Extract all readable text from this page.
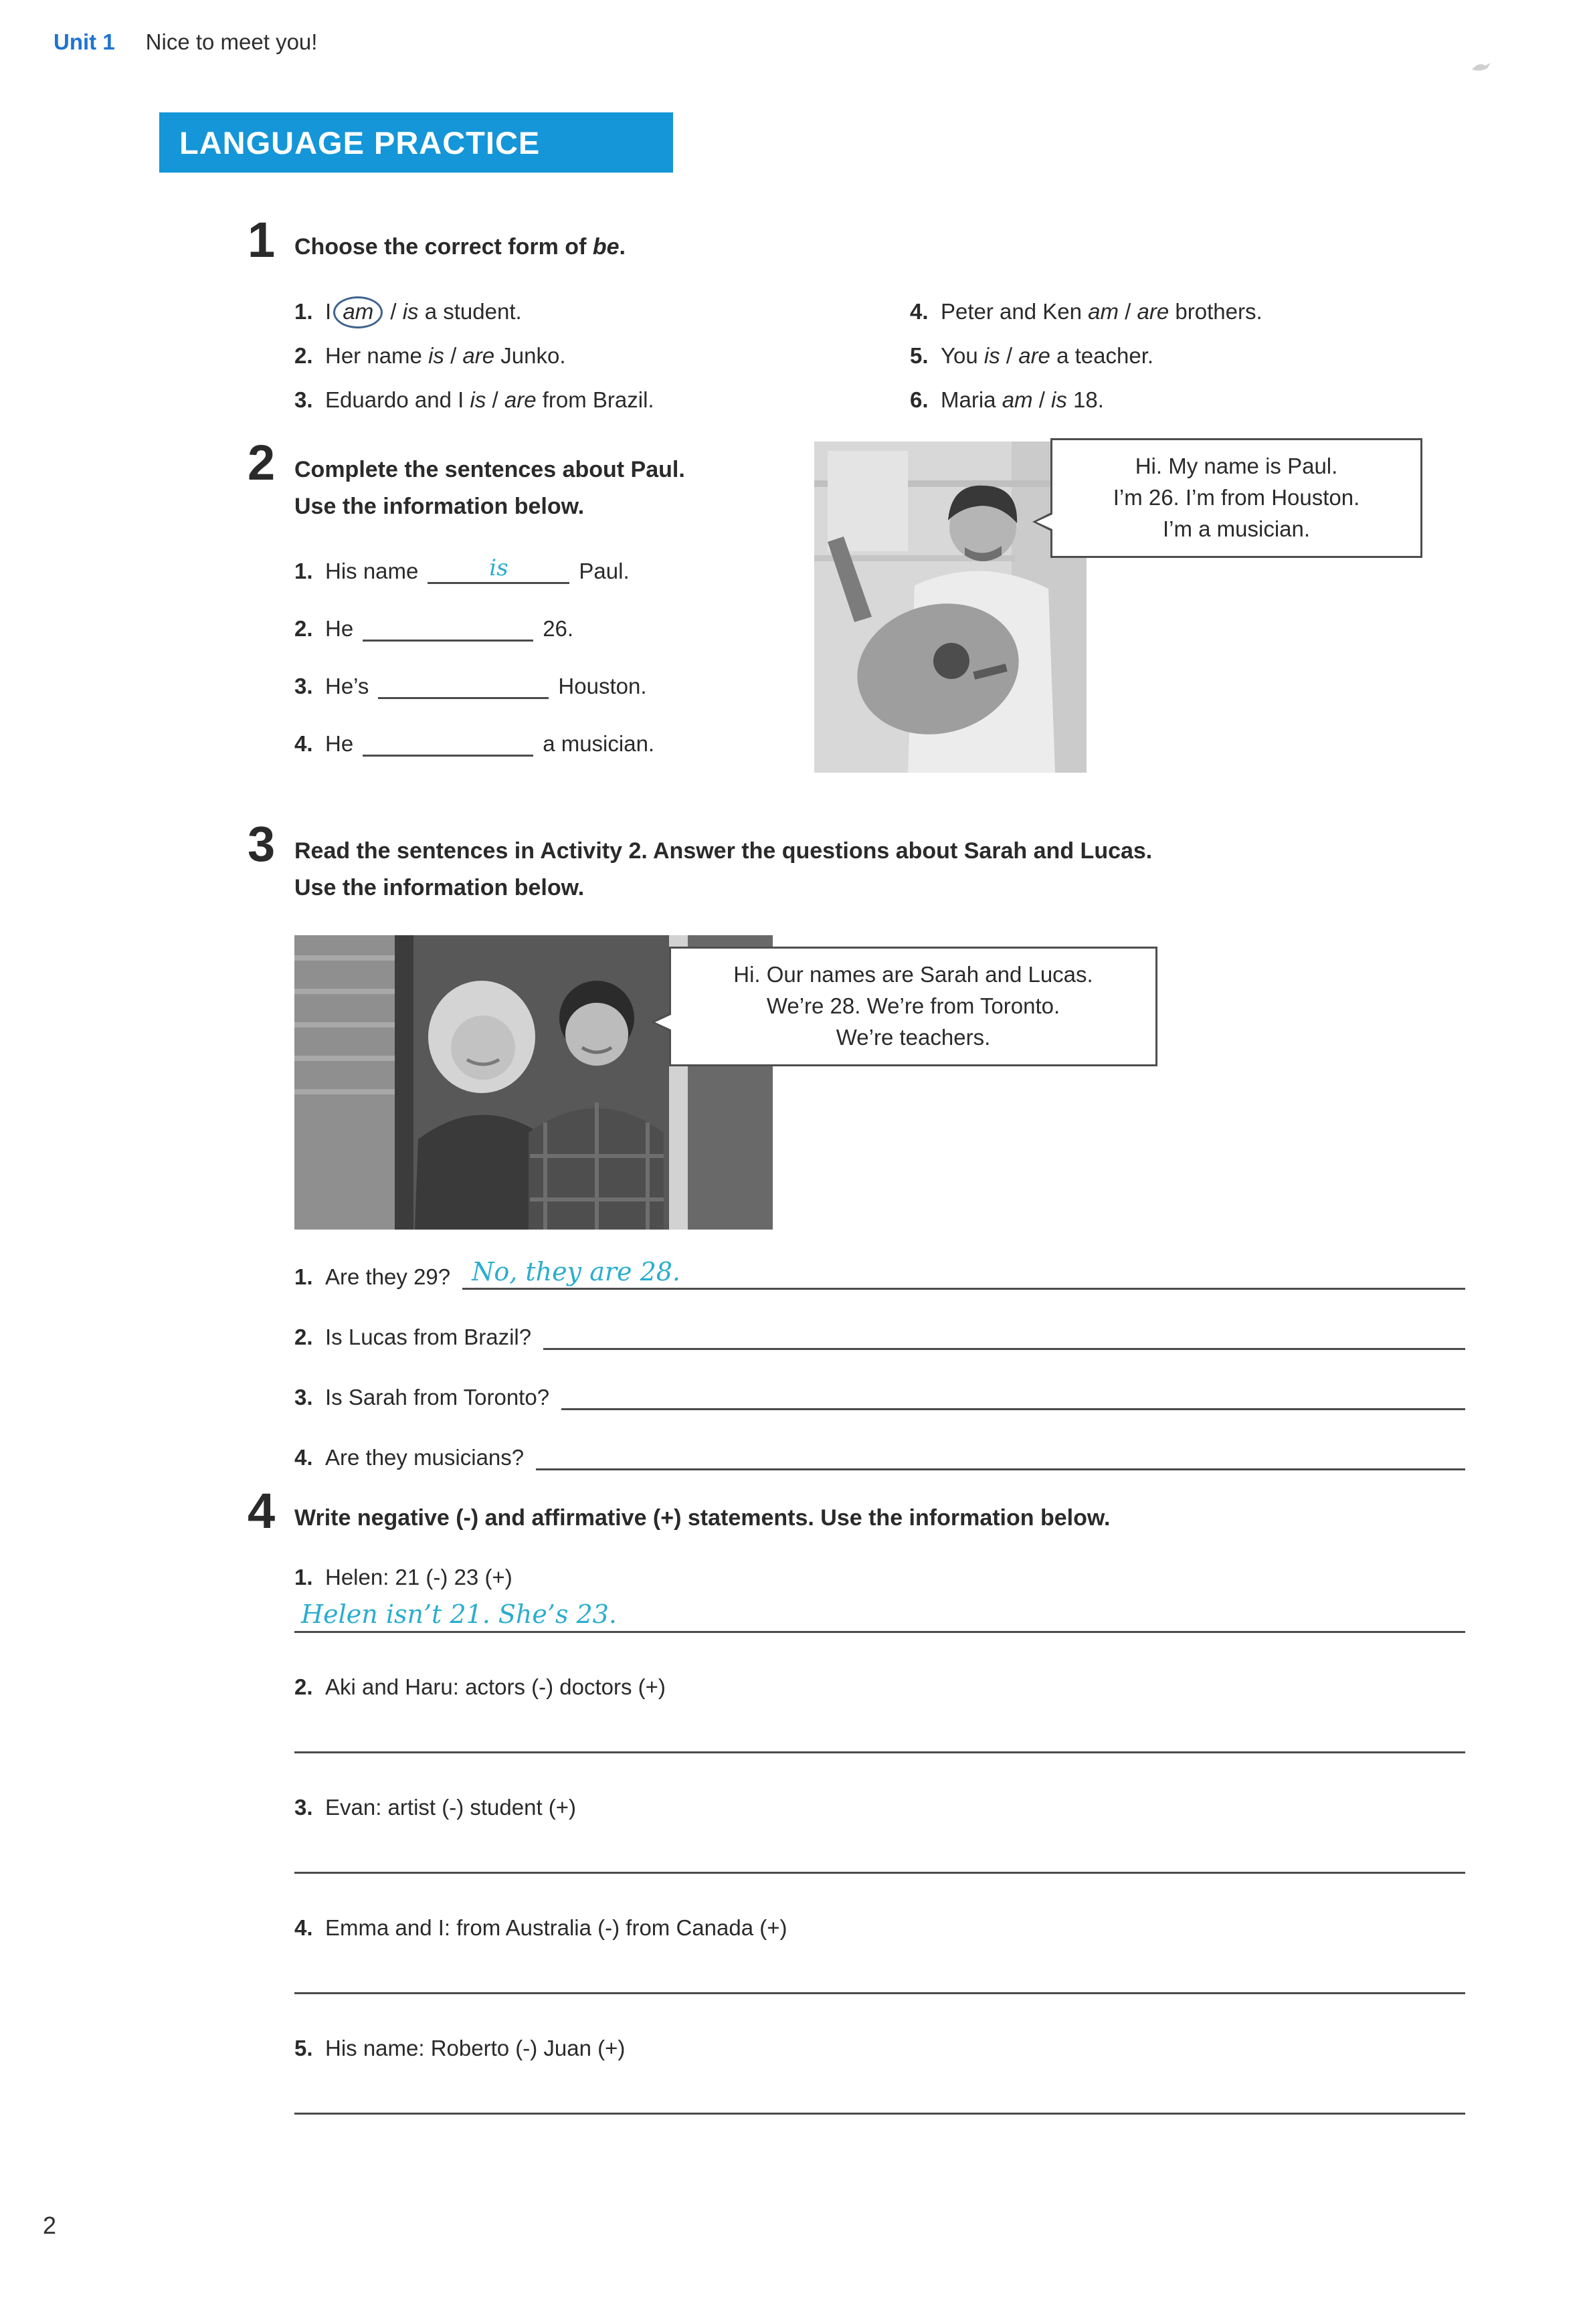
Unit 1 Nice to meet you!
LANGUAGE PRACTICE
1 Choose the correct form of be.
1. I am / is a student.
2. Her name is / are Junko.
3. Eduardo and I is / are from Brazil.
4. Peter and Ken am / are brothers.
5. You is / are a teacher.
6. Maria am / is 18.
2 Complete the sentences about Paul.
Use the information below.
1. His name	is	Paul.
2. He	26.
3. He’s	Houston.
4. He	a musician.
Hi. My name is Paul.
I’m 26. I’m from Houston.
I’m a musician.
3 Read the sentences in Activity 2. Answer the questions about Sarah and Lucas.
Use the information below.
Hi. Our names are Sarah and Lucas.
We’re 28. We’re from Toronto.
We’re teachers.
1. Are they 29? No, they are 28.
2. Is Lucas from Brazil?
3. Is Sarah from Toronto?
4. Are they musicians?
4 Write negative (-) and affirmative (+) statements. Use the information below.
1. Helen: 21 (-) 23 (+)
Helen isn’t 21. She’s 23.
2. Aki and Haru: actors (-) doctors (+)
3. Evan: artist (-) student (+)
4. Emma and I: from Australia (-) from Canada (+)
5. His name: Roberto (-) Juan (+)
2
